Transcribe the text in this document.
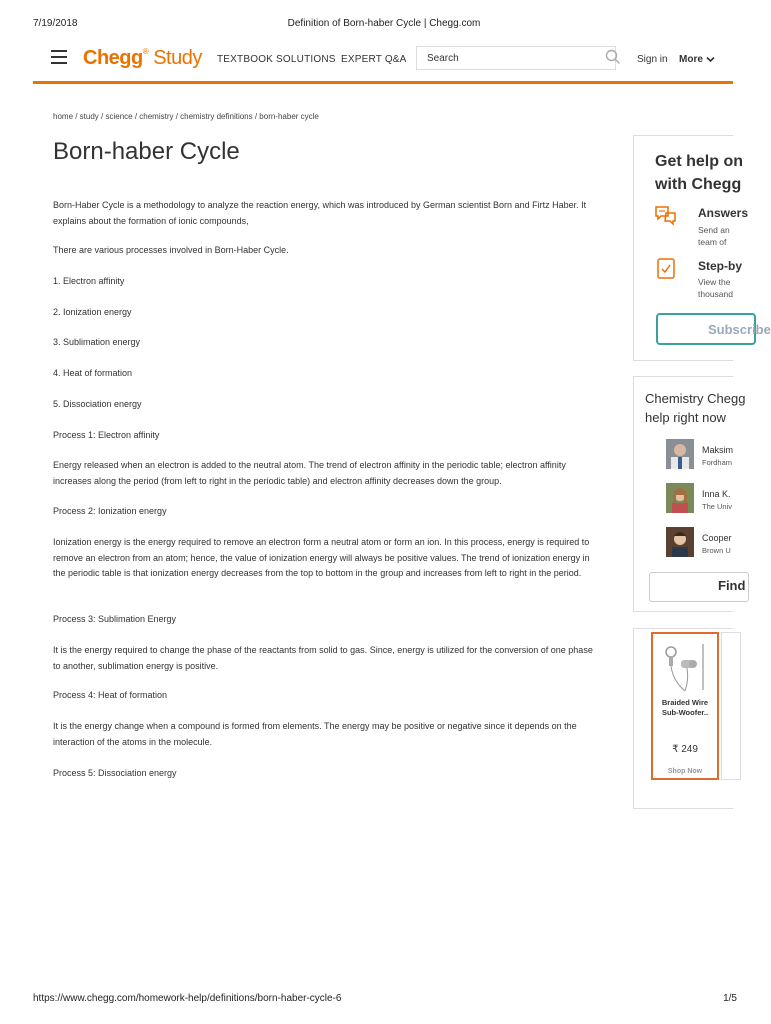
7/19/2018	Definition of Born-haber Cycle | Chegg.com
Chegg® Study TEXTBOOK SOLUTIONS EXPERT Q&A	Search	Sign in More
home / study / science / chemistry / chemistry definitions / born-haber cycle
Born-haber Cycle

Born-Haber Cycle is a methodology to analyze the reaction energy, which was introduced by German scientist Born and Firtz Haber. It explains about the formation of ionic compounds,

There are various processes involved in Born-Haber Cycle.

1. Electron affinity

2. Ionization energy

3. Sublimation energy

4. Heat of formation

5. Dissociation energy

Process 1: Electron affinity

Energy released when an electron is added to the neutral atom. The trend of electron affinity in the periodic table; electron affinity increases along the period (from left to right in the periodic table) and electron affinity decreases down the group.

Process 2: Ionization energy

Ionization energy is the energy required to remove an electron form a neutral atom or form an ion. In this process, energy is required to remove an electron from an atom; hence, the value of ionization energy will always be positive values. The trend of ionization energy in the periodic table is that ionization energy decreases from the top to bottom in the group and increases from left to right in the period.

Process 3: Sublimation Energy

It is the energy required to change the phase of the reactants from solid to gas. Since, energy is utilized for the conversion of one phase to another, sublimation energy is positive.

Process 4: Heat of formation

It is the energy change when a compound is formed from elements. The energy may be positive or negative since it depends on the interaction of the atoms in the molecule.

Process 5: Dissociation energy

Get help on
with Chegg
Answers
Send an
team of
Step-by
View the
thousand
Subscribe
Chemistry Chegg
help right now
Maksim
Fordham
Inna K.
The Univ
Cooper
Brown U
Find
Braided Wire
Sub-Woofer..
₹ 249
Shop Now
https://www.chegg.com/homework-help/definitions/born-haber-cycle-6	1/5
